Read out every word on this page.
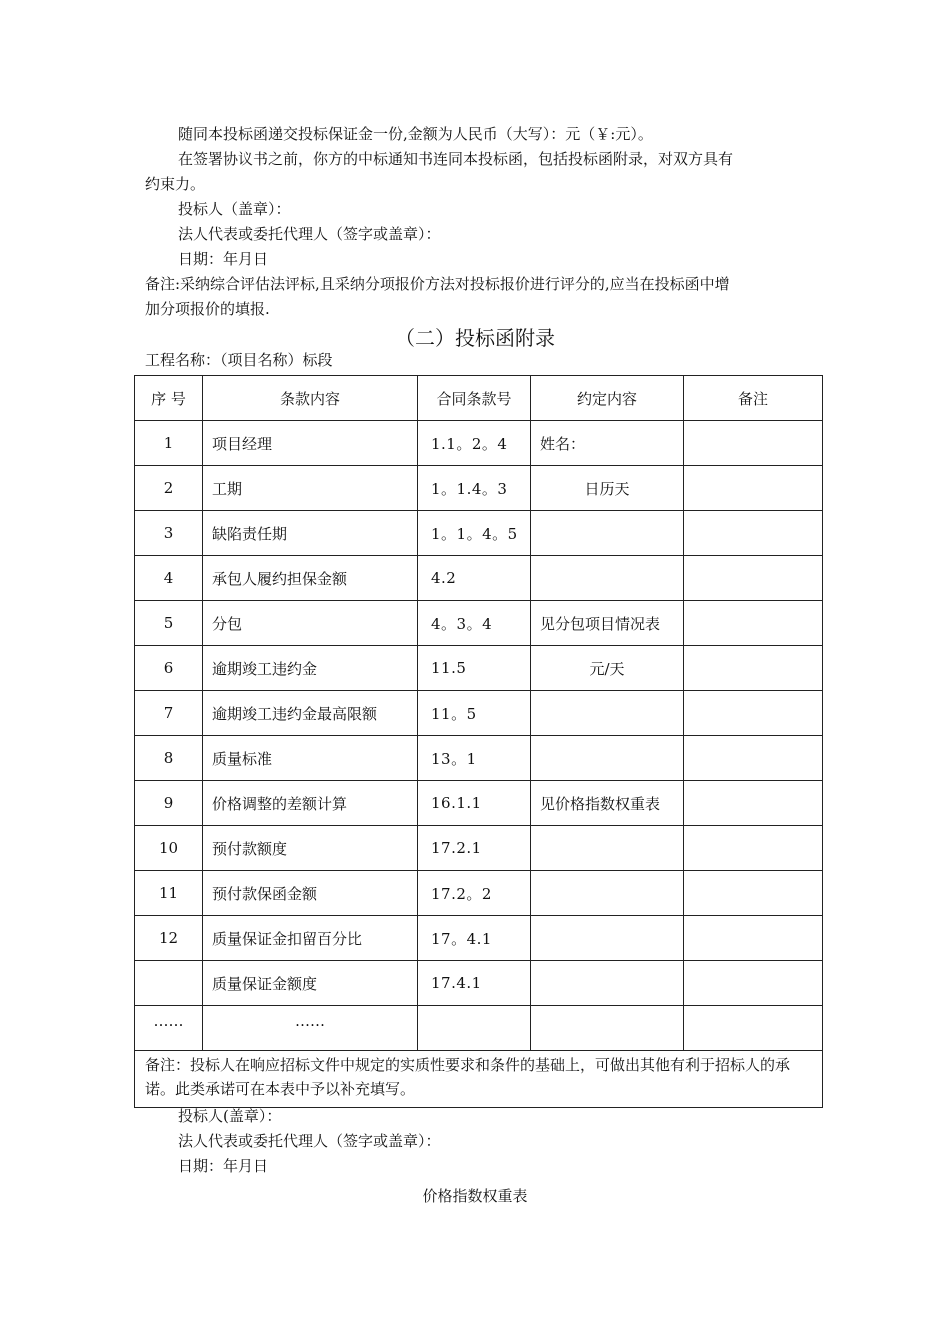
随同本投标函递交投标保证金一份,金额为人民币（大写）：元（￥:元）。
在签署协议书之前，你方的中标通知书连同本投标函，包括投标函附录，对双方具有
约束力。
投标人（盖章）：
法人代表或委托代理人（签字或盖章）：
日期：年月日
备注:采纳综合评估法评标,且采纳分项报价方法对投标报价进行评分的,应当在投标函中增
加分项报价的填报.
（二）投标函附录
工程名称：（项目名称）标段
序 号	条款内容	合同条款号	约定内容	备注
1	项目经理	1.1。2。4	姓名：	
2	工期	1。1.4。3	日历天	
3	缺陷责任期	1。1。4。5		
4	承包人履约担保金额	4.2		
5	分包	4。3。4	见分包项目情况表	
6	逾期竣工违约金	11.5	元/天	
7	逾期竣工违约金最高限额	11。5		
8	质量标准	13。1		
9	价格调整的差额计算	16.1.1	见价格指数权重表	
10	预付款额度	17.2.1		
11	预付款保函金额	17.2。2		
12	质量保证金扣留百分比	17。4.1		
	质量保证金额度	17.4.1		
……	……			
备注：投标人在响应招标文件中规定的实质性要求和条件的基础上，可做出其他有利于招标人的承诺。此类承诺可在本表中予以补充填写。				
投标人(盖章）：
法人代表或委托代理人（签字或盖章）：
日期：年月日
价格指数权重表
